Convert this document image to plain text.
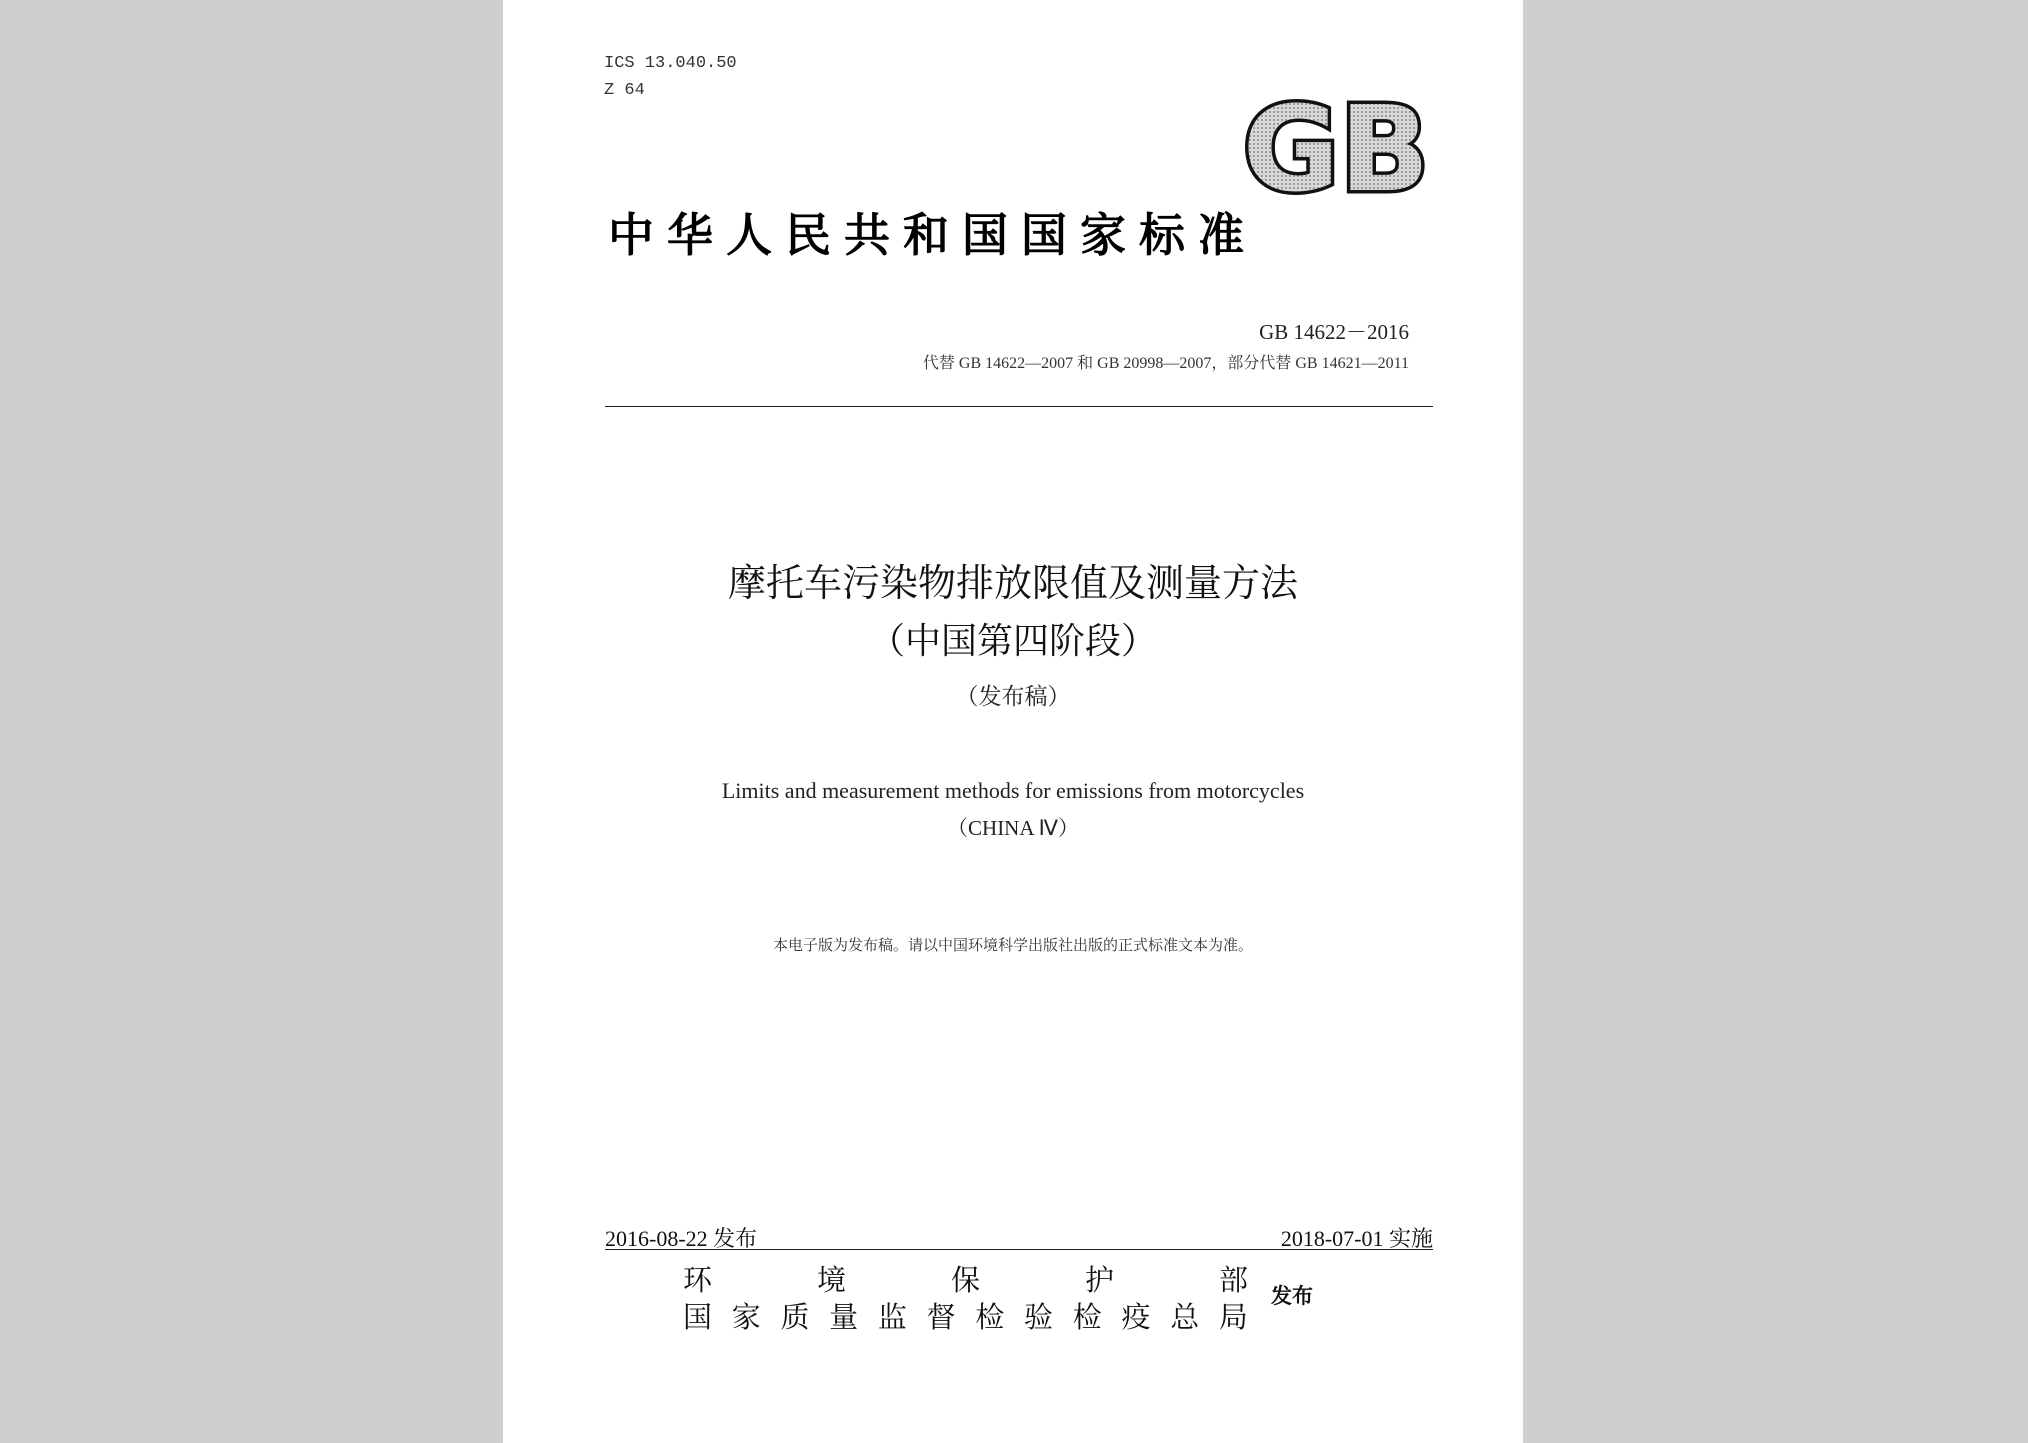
ICS 13.040.50
Z 64	GB
中华人民共和国国家标准
GB 14622－2016
代替 GB 14622—2007 和 GB 20998—2007，部分代替 GB 14621—2011
摩托车污染物排放限值及测量方法
（中国第四阶段）
（发布稿）
Limits and measurement methods for emissions from motorcycles
（CHINA Ⅳ）
本电子版为发布稿。请以中国环境科学出版社出版的正式标准文本为准。
2016-08-22 发布	2018-07-01 实施
环	境	保	护	部
国 家 质 量 监 督 检 验 检 疫 总 局
发布
